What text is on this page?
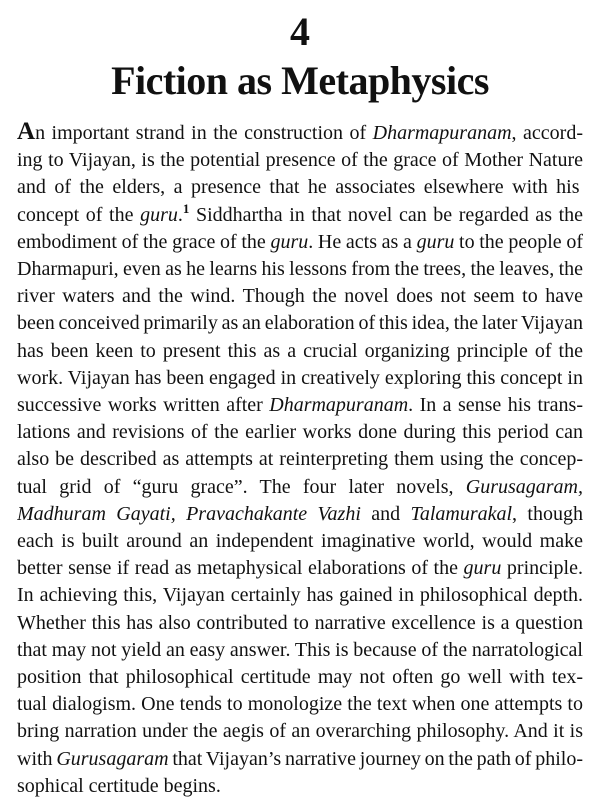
4
Fiction as Metaphysics
An important strand in the construction of Dharmapuranam, accord-
ing to Vijayan, is the potential presence of the grace of Mother Nature
and of the elders, a presence that he associates elsewhere with his
concept of the guru.$^1$ Siddhartha in that novel can be regarded as the
embodiment of the grace of the guru. He acts as a guru to the people of
Dharmapuri, even as he learns his lessons from the trees, the leaves, the
river waters and the wind. Though the novel does not seem to have
been conceived primarily as an elaboration of this idea, the later Vijayan
has been keen to present this as a crucial organizing principle of the
work. Vijayan has been engaged in creatively exploring this concept in
successive works written after Dharmapuranam. In a sense his trans-
lations and revisions of the earlier works done during this period can
also be described as attempts at reinterpreting them using the concep-
tual grid of “guru grace”. The four later novels, Gurusagaram,
Madhuram Gayati, Pravachakante Vazhi and Talamurakal, though
each is built around an independent imaginative world, would make
better sense if read as metaphysical elaborations of the guru principle.
In achieving this, Vijayan certainly has gained in philosophical depth.
Whether this has also contributed to narrative excellence is a question
that may not yield an easy answer. This is because of the narratological
position that philosophical certitude may not often go well with tex-
tual dialogism. One tends to monologize the text when one attempts to
bring narration under the aegis of an overarching philosophy. And it is
with Gurusagaram that Vijayan’s narrative journey on the path of philo-
sophical certitude begins.
